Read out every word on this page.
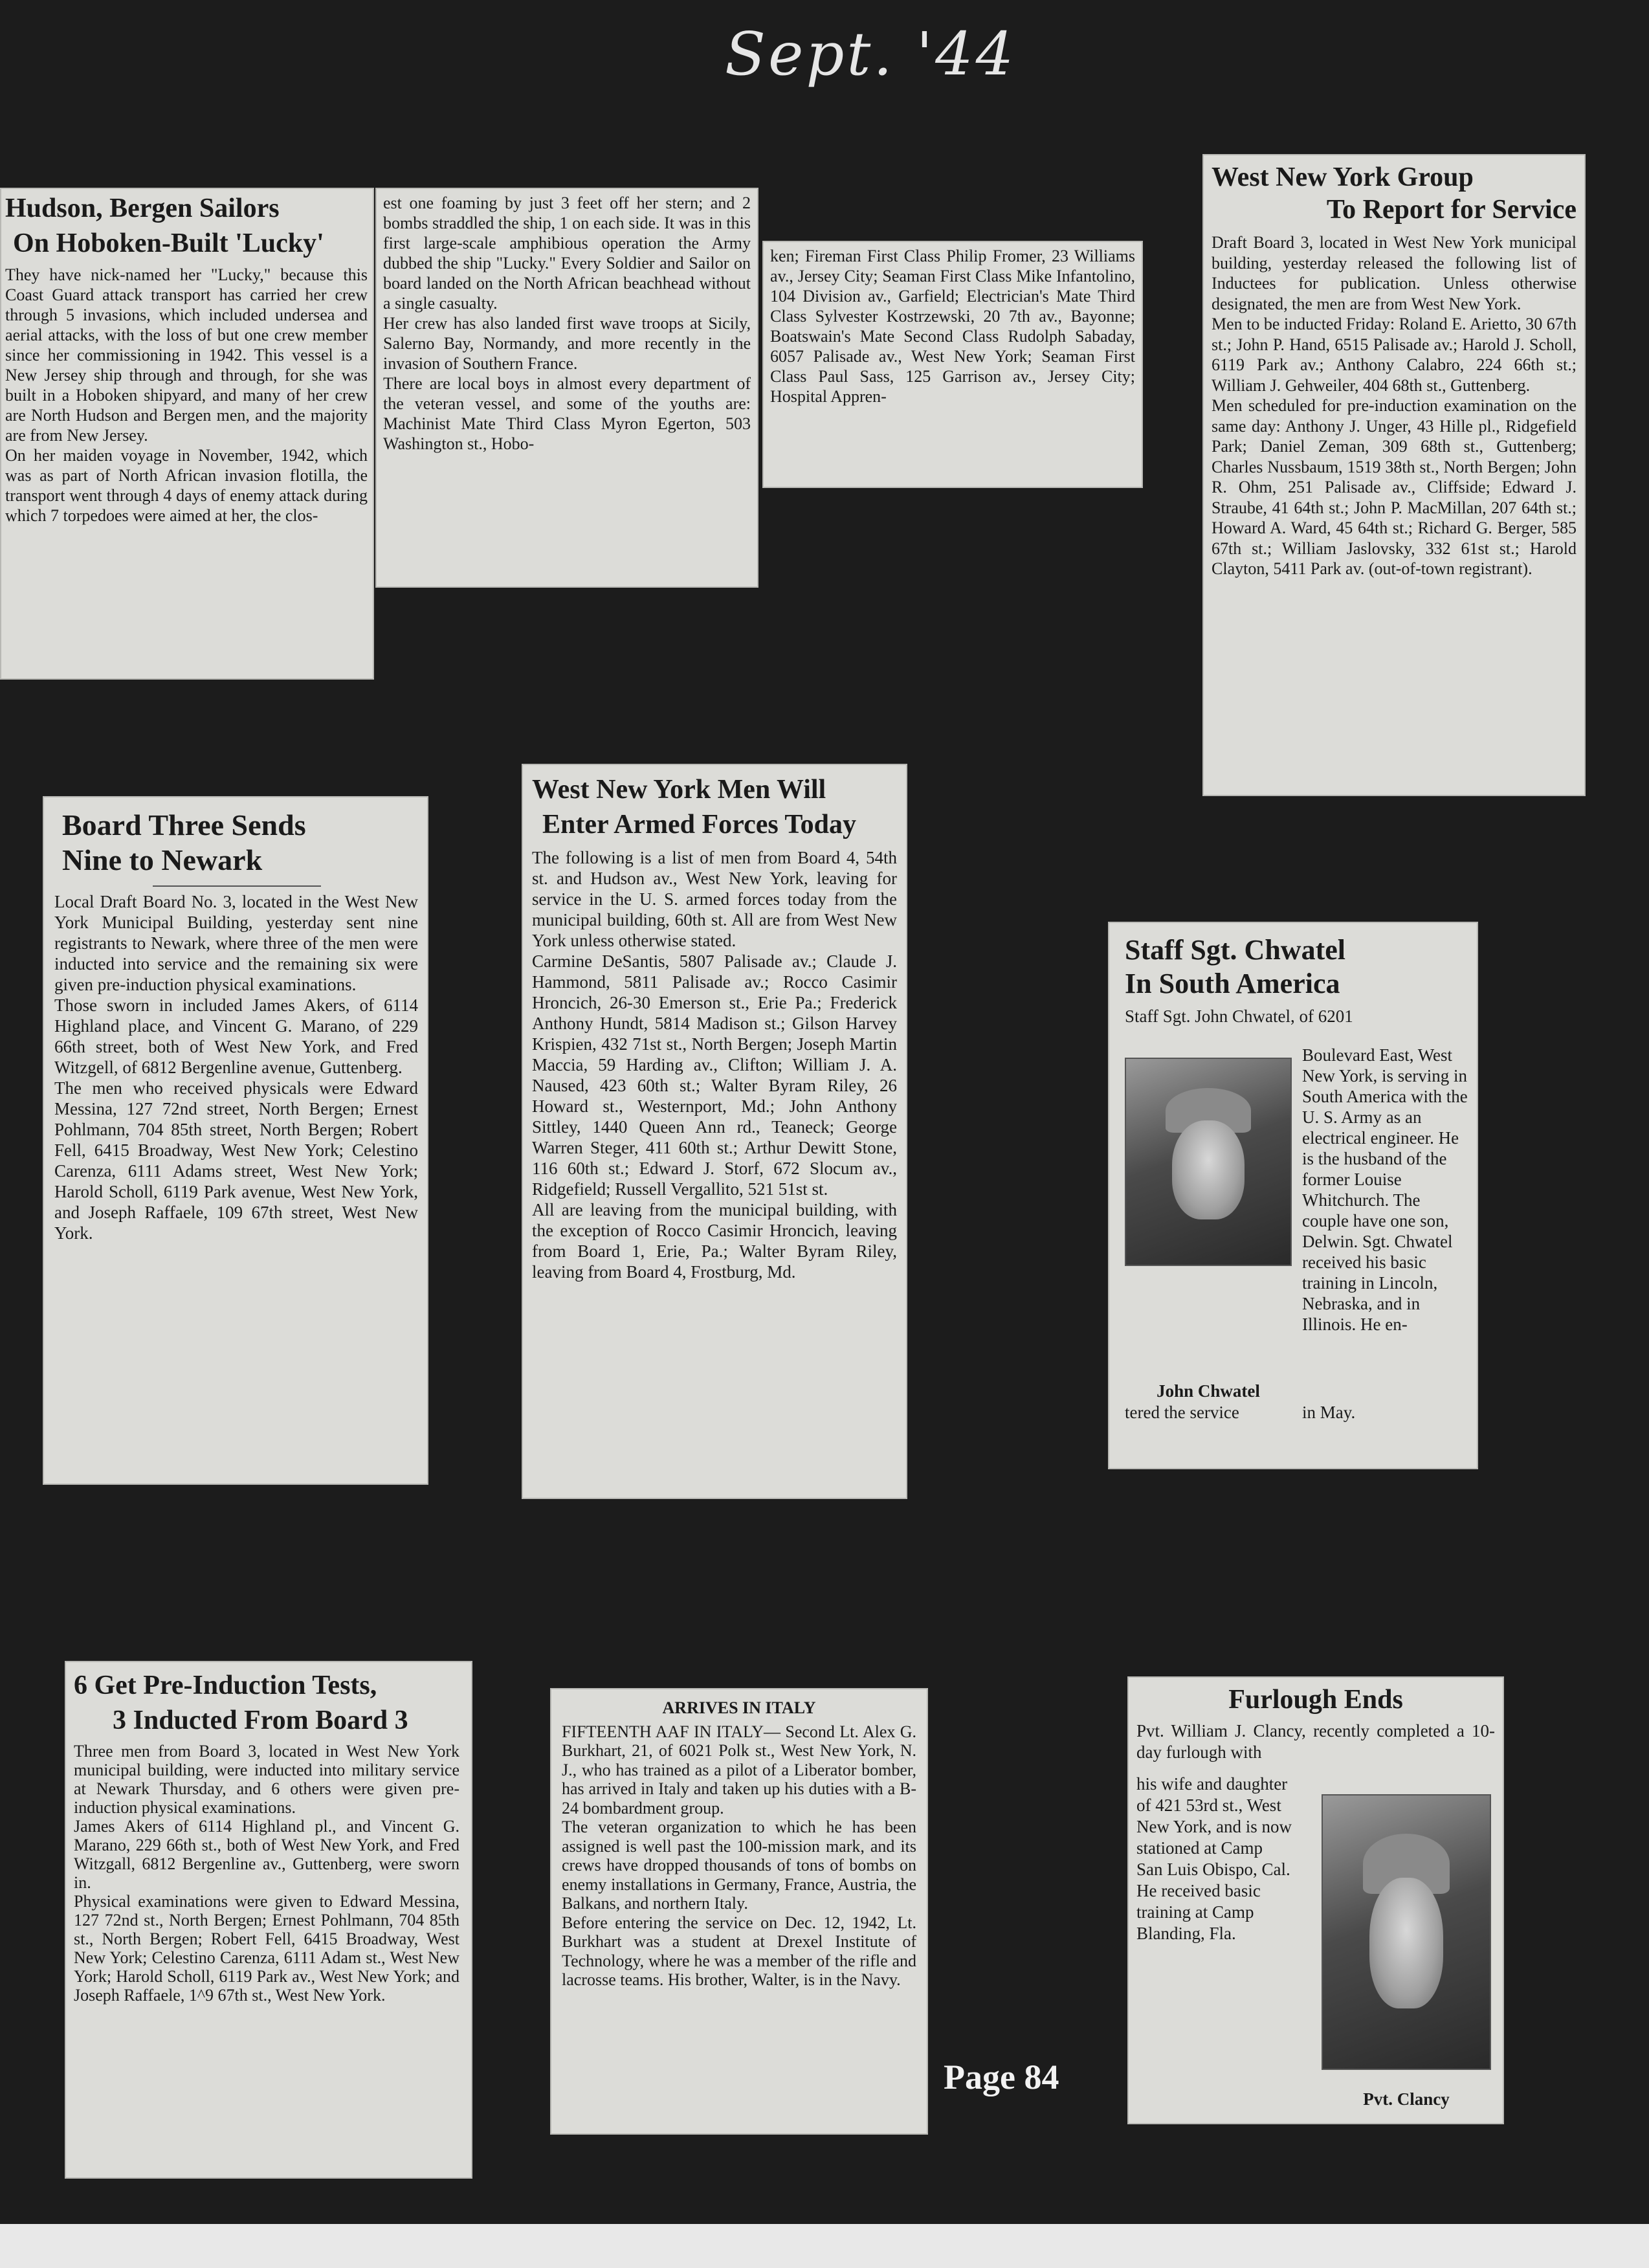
Sept. '44
Hudson, Bergen Sailors
On Hoboken-Built 'Lucky'
They have nick-named her "Lucky," because this Coast Guard attack transport has carried her crew through 5 invasions, which included undersea and aerial attacks, with the loss of but one crew member since her commissioning in 1942. This vessel is a New Jersey ship through and through, for she was built in a Hoboken shipyard, and many of her crew are North Hudson and Bergen men, and the majority are from New Jersey.
On her maiden voyage in November, 1942, which was as part of North African invasion flotilla, the transport went through 4 days of enemy attack during which 7 torpedoes were aimed at her, the clos-
est one foaming by just 3 feet off her stern; and 2 bombs straddled the ship, 1 on each side. It was in this first large-scale amphibious operation the Army dubbed the ship "Lucky." Every Soldier and Sailor on board landed on the North African beachhead without a single casualty.
Her crew has also landed first wave troops at Sicily, Salerno Bay, Normandy, and more recently in the invasion of Southern France.
There are local boys in almost every department of the veteran vessel, and some of the youths are: Machinist Mate Third Class Myron Egerton, 503 Washington st., Hobo-
ken; Fireman First Class Philip Fromer, 23 Williams av., Jersey City; Seaman First Class Mike Infantolino, 104 Division av., Garfield; Electrician's Mate Third Class Sylvester Kostrzewski, 20 7th av., Bayonne; Boatswain's Mate Second Class Rudolph Sabaday, 6057 Palisade av., West New York; Seaman First Class Paul Sass, 125 Garrison av., Jersey City; Hospital Appren-
West New York Group
To Report for Service
Draft Board 3, located in West New York municipal building, yesterday released the following list of Inductees for publication. Unless otherwise designated, the men are from West New York.
Men to be inducted Friday: Roland E. Arietto, 30 67th st.; John P. Hand, 6515 Palisade av.; Harold J. Scholl, 6119 Park av.; Anthony Calabro, 224 66th st.; William J. Gehweiler, 404 68th st., Guttenberg.
Men scheduled for pre-induction examination on the same day: Anthony J. Unger, 43 Hille pl., Ridgefield Park; Daniel Zeman, 309 68th st., Guttenberg; Charles Nussbaum, 1519 38th st., North Bergen; John R. Ohm, 251 Palisade av., Cliffside; Edward J. Straube, 41 64th st.; John P. MacMillan, 207 64th st.; Howard A. Ward, 45 64th st.; Richard G. Berger, 585 67th st.; William Jaslovsky, 332 61st st.; Harold Clayton, 5411 Park av. (out-of-town registrant).
Board Three Sends
Nine to Newark
Local Draft Board No. 3, located in the West New York Municipal Building, yesterday sent nine registrants to Newark, where three of the men were inducted into service and the remaining six were given pre-induction physical examinations.
Those sworn in included James Akers, of 6114 Highland place, and Vincent G. Marano, of 229 66th street, both of West New York, and Fred Witzgell, of 6812 Bergenline avenue, Guttenberg.
The men who received physicals were Edward Messina, 127 72nd street, North Bergen; Ernest Pohlmann, 704 85th street, North Bergen; Robert Fell, 6415 Broadway, West New York; Celestino Carenza, 6111 Adams street, West New York; Harold Scholl, 6119 Park avenue, West New York, and Joseph Raffaele, 109 67th street, West New York.
West New York Men Will
Enter Armed Forces Today
The following is a list of men from Board 4, 54th st. and Hudson av., West New York, leaving for service in the U. S. armed forces today from the municipal building, 60th st. All are from West New York unless otherwise stated.
Carmine DeSantis, 5807 Palisade av.; Claude J. Hammond, 5811 Palisade av.; Rocco Casimir Hroncich, 26-30 Emerson st., Erie Pa.; Frederick Anthony Hundt, 5814 Madison st.; Gilson Harvey Krispien, 432 71st st., North Bergen; Joseph Martin Maccia, 59 Harding av., Clifton; William J. A. Naused, 423 60th st.; Walter Byram Riley, 26 Howard st., Westernport, Md.; John Anthony Sittley, 1440 Queen Ann rd., Teaneck; George Warren Steger, 411 60th st.; Arthur Dewitt Stone, 116 60th st.; Edward J. Storf, 672 Slocum av., Ridgefield; Russell Vergallito, 521 51st st.
All are leaving from the municipal building, with the exception of Rocco Casimir Hroncich, leaving from Board 1, Erie, Pa.; Walter Byram Riley, leaving from Board 4, Frostburg, Md.
Staff Sgt. Chwatel
In South America
Staff Sgt. John Chwatel, of 6201
John Chwatel
Boulevard East, West New York, is serving in South America with the U. S. Army as an electrical engineer. He is the husband of the former Louise Whitchurch. The couple have one son, Delwin. Sgt. Chwatel received his basic training in Lincoln, Nebraska, and in Illinois. He en-
tered the service	in May.
6 Get Pre-Induction Tests,
3 Inducted From Board 3
Three men from Board 3, located in West New York municipal building, were inducted into military service at Newark Thursday, and 6 others were given pre-induction physical examinations.
James Akers of 6114 Highland pl., and Vincent G. Marano, 229 66th st., both of West New York, and Fred Witzgall, 6812 Bergenline av., Guttenberg, were sworn in.
Physical examinations were given to Edward Messina, 127 72nd st., North Bergen; Ernest Pohlmann, 704 85th st., North Bergen; Robert Fell, 6415 Broadway, West New York; Celestino Carenza, 6111 Adam st., West New York; Harold Scholl, 6119 Park av., West New York; and Joseph Raffaele, 1^9 67th st., West New York.
ARRIVES IN ITALY
FIFTEENTH AAF IN ITALY— Second Lt. Alex G. Burkhart, 21, of 6021 Polk st., West New York, N. J., who has trained as a pilot of a Liberator bomber, has arrived in Italy and taken up his duties with a B-24 bombardment group.
The veteran organization to which he has been assigned is well past the 100-mission mark, and its crews have dropped thousands of tons of bombs on enemy installations in Germany, France, Austria, the Balkans, and northern Italy.
Before entering the service on Dec. 12, 1942, Lt. Burkhart was a student at Drexel Institute of Technology, where he was a member of the rifle and lacrosse teams. His brother, Walter, is in the Navy.
Page 84
Furlough Ends
Pvt. William J. Clancy, recently completed a 10-day furlough with
his wife and daughter of 421 53rd st., West New York, and is now stationed at Camp San Luis Obispo, Cal. He received basic training at Camp Blanding, Fla.
Pvt. Clancy
